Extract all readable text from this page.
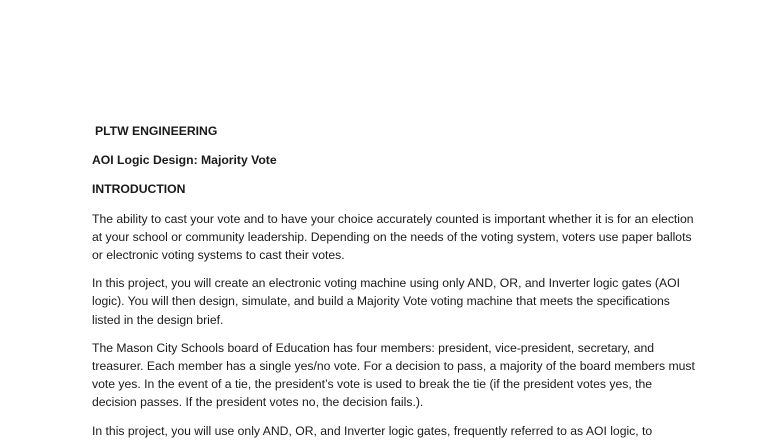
PLTW ENGINEERING

AOI Logic Design: Majority Vote

INTRODUCTION

The ability to cast your vote and to have your choice accurately counted is important whether it is for an election at your school or community leadership. Depending on the needs of the voting system, voters use paper ballots or electronic voting systems to cast their votes.

In this project, you will create an electronic voting machine using only AND, OR, and Inverter logic gates (AOI logic). You will then design, simulate, and build a Majority Vote voting machine that meets the specifications listed in the design brief.

The Mason City Schools board of Education has four members: president, vice-president, secretary, and treasurer. Each member has a single yes/no vote. For a decision to pass, a majority of the board members must vote yes. In the event of a tie, the president’s vote is used to break the tie (if the president votes yes, the decision passes. If the president votes no, the decision fails.).

In this project, you will use only AND, OR, and Inverter logic gates, frequently referred to as AOI logic, to
